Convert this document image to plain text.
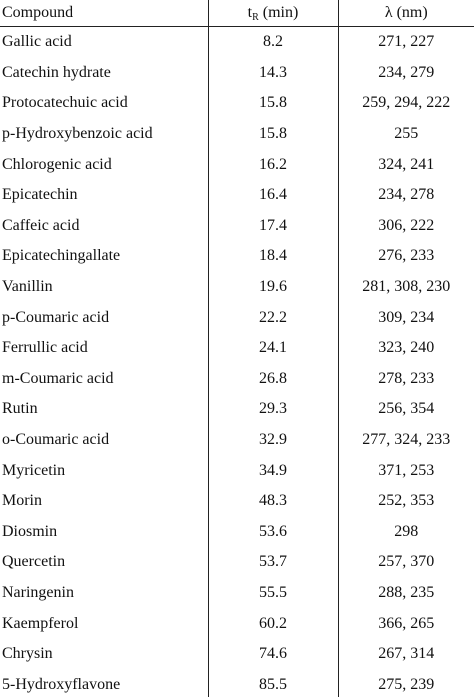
Compound	$t_R$ (min)	λ (nm)
Gallic acid	8.2	271, 227
Catechin hydrate	14.3	234, 279
Protocatechuic acid	15.8	259, 294, 222
p-Hydroxybenzoic acid	15.8	255
Chlorogenic acid	16.2	324, 241
Epicatechin	16.4	234, 278
Caffeic acid	17.4	306, 222
Epicatechingallate	18.4	276, 233
Vanillin	19.6	281, 308, 230
p-Coumaric acid	22.2	309, 234
Ferrullic acid	24.1	323, 240
m-Coumaric acid	26.8	278, 233
Rutin	29.3	256, 354
o-Coumaric acid	32.9	277, 324, 233
Myricetin	34.9	371, 253
Morin	48.3	252, 353
Diosmin	53.6	298
Quercetin	53.7	257, 370
Naringenin	55.5	288, 235
Kaempferol	60.2	366, 265
Chrysin	74.6	267, 314
5-Hydroxyflavone	85.5	275, 239
